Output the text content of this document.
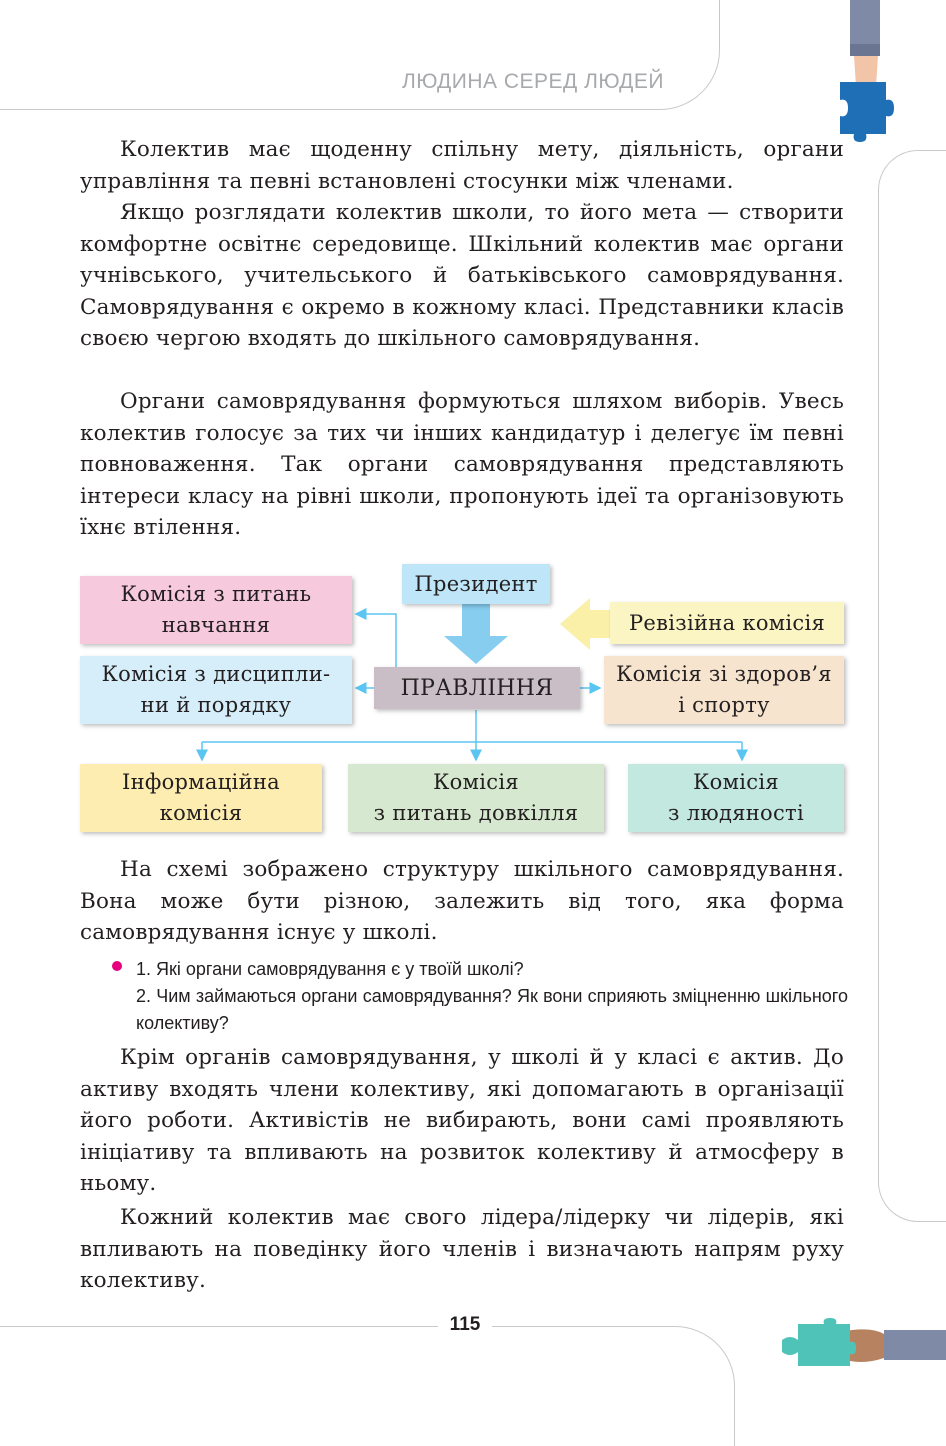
ЛЮДИНА СЕРЕД ЛЮДЕЙ
115

Колектив має щоденну спільну мету, діяльність, органи управління та певні встановлені стосунки між членами.

Якщо розглядати колектив школи, то його мета — створити комфортне освітнє середовище. Шкільний колектив має органи учнівського, учительського й батьківського самоврядування. Самоврядування є окремо в кожному класі. Представники класів своєю чергою входять до шкільного самоврядування.

Органи самоврядування формуються шляхом виборів. Увесь колектив голосує за тих чи інших кандидатур і делегує їм певні повноваження. Так органи самоврядування представляють інтереси класу на рівні школи, пропонують ідеї та організовують їхнє втілення.

Президент
ПРАВЛІННЯ
Ревізійна комісія
Комісія з питань
навчання
Комісія з дисципли-
ни й порядку
Комісія зі здоров’я
і спорту
Інформаційна
комісія
Комісія
з питань довкілля
Комісія
з людяності

На схемі зображено структуру шкільного самоврядування. Вона може бути різною, залежить від того, яка форма самоврядування існує у школі.

1. Які органи самоврядування є у твоїй школі?

2. Чим займаються органи самоврядування? Як вони сприяють зміцненню шкільного колективу?

Крім органів самоврядування, у школі й у класі є актив. До активу входять члени колективу, які допомагають в організації його роботи. Активістів не вибирають, вони самі проявляють ініціативу та впливають на розвиток колективу й атмосферу в ньому.

Кожний колектив має свого лідера/лідерку чи лідерів, які впливають на поведінку його членів і визначають напрям руху колективу.
